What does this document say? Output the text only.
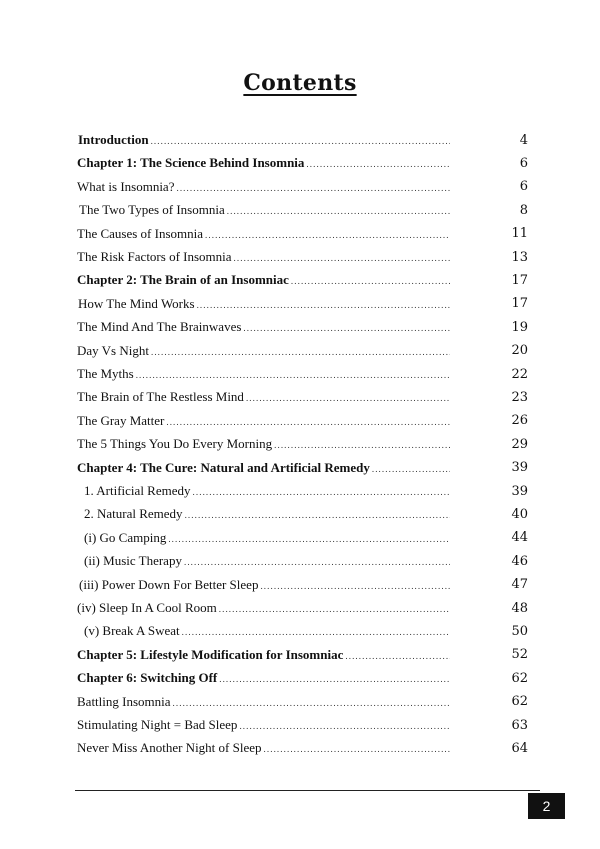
Contents
Introduction .....	4
Chapter 1: The Science Behind Insomnia .....	6
What is Insomnia? .....	6
The Two Types of Insomnia .....	8
The Causes of Insomnia .....	11
The Risk Factors of Insomnia .....	13
Chapter 2: The Brain of an Insomniac .....	17
How The Mind Works .....	17
The Mind And The Brainwaves .....	19
Day Vs Night .....	20
The Myths .....	22
The Brain of The Restless Mind .....	23
The Gray Matter .....	26
The 5 Things You Do Every Morning .....	29
Chapter 4: The Cure: Natural and Artificial Remedy .....	39
1. Artificial Remedy .....	39
2. Natural Remedy .....	40
(i) Go Camping .....	44
(ii) Music Therapy .....	46
(iii) Power Down For Better Sleep .....	47
(iv) Sleep In A Cool Room .....	48
(v) Break A Sweat .....	50
Chapter 5: Lifestyle Modification for Insomniac .....	52
Chapter 6: Switching Off .....	62
Battling Insomnia .....	62
Stimulating Night = Bad Sleep .....	63
Never Miss Another Night of Sleep .....	64
2
